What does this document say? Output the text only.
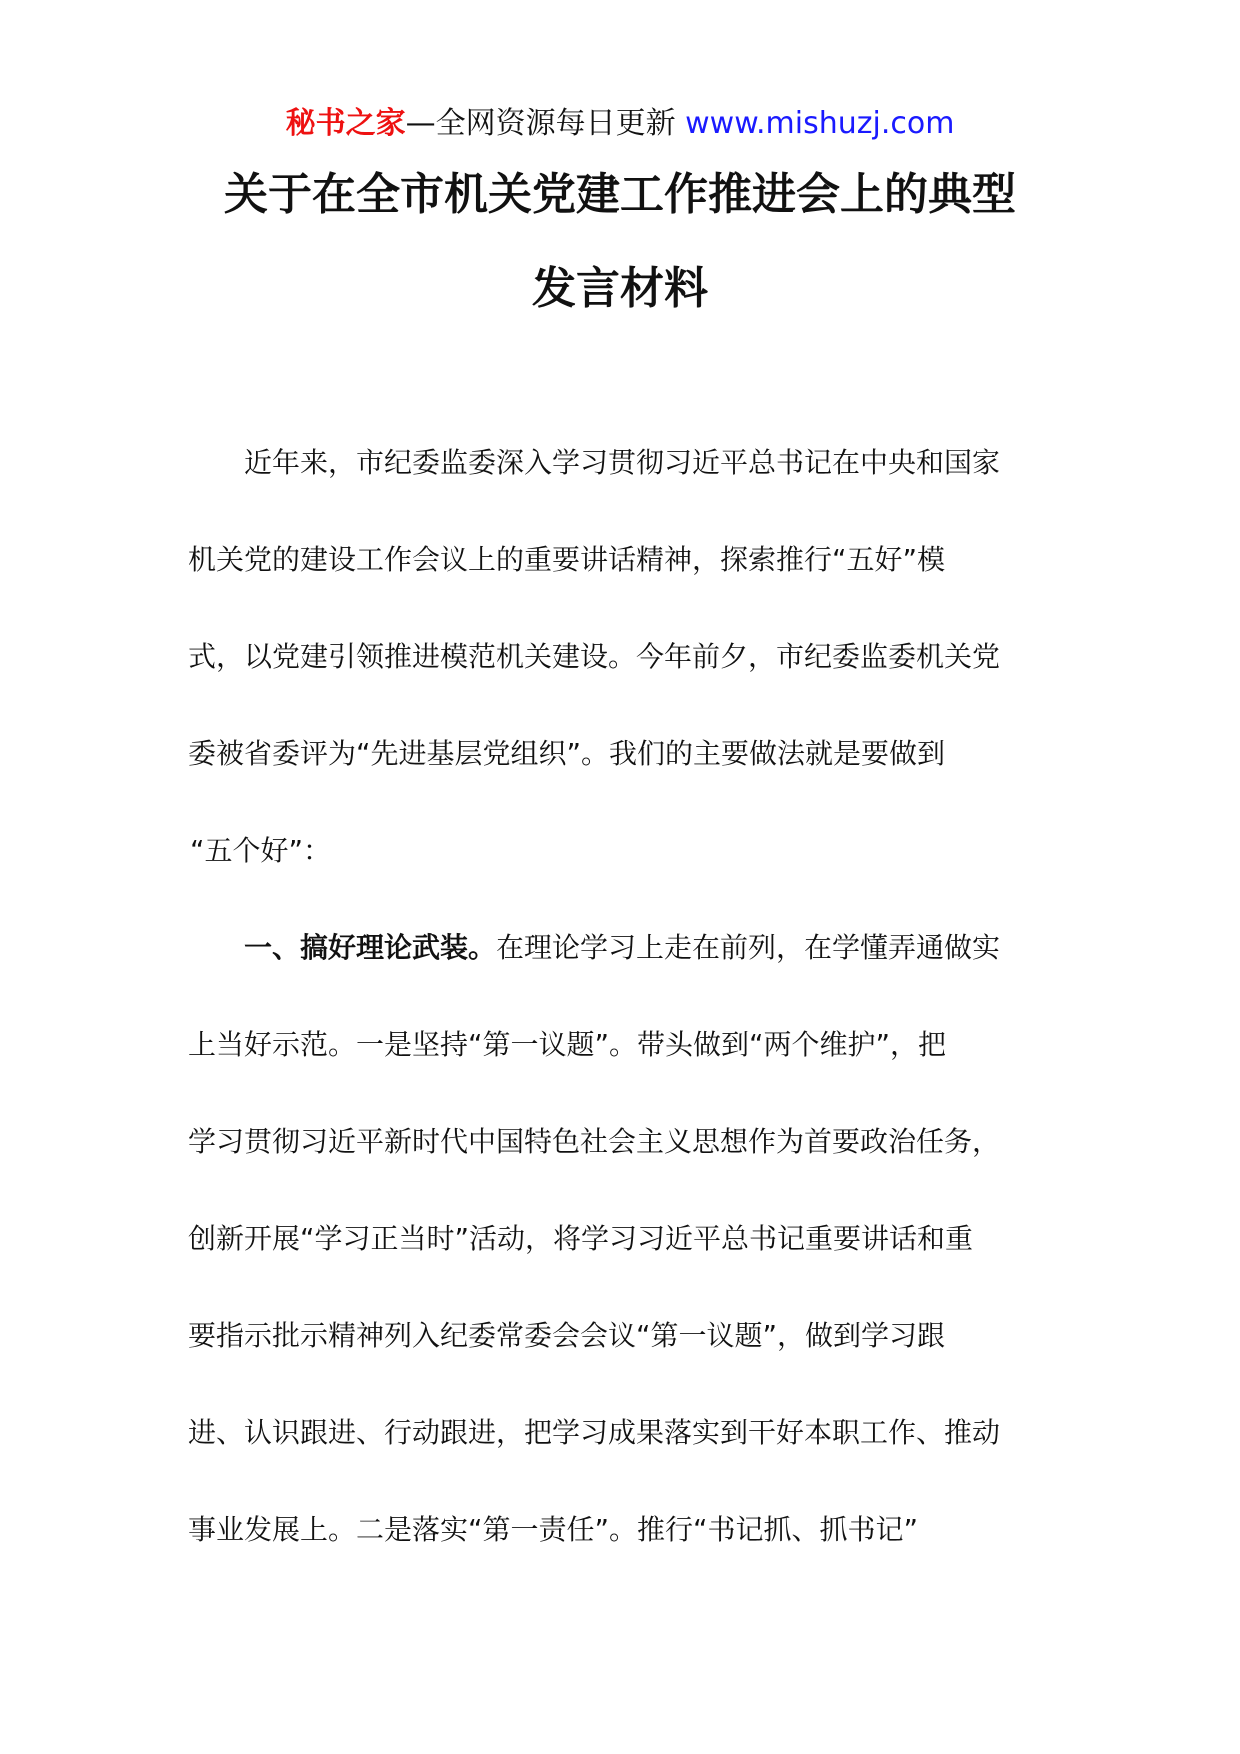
秘书之家—全网资源每日更新 www.mishuzj.com
关于在全市机关党建工作推进会上的典型
发言材料
近年来，市纪委监委深入学习贯彻习近平总书记在中央和国家
机关党的建设工作会议上的重要讲话精神，探索推行“五好”模
式，以党建引领推进模范机关建设。今年前夕，市纪委监委机关党
委被省委评为“先进基层党组织”。我们的主要做法就是要做到
“五个好”：
一、搞好理论武装。在理论学习上走在前列，在学懂弄通做实
上当好示范。一是坚持“第一议题”。带头做到“两个维护”，把
学习贯彻习近平新时代中国特色社会主义思想作为首要政治任务，
创新开展“学习正当时”活动，将学习习近平总书记重要讲话和重
要指示批示精神列入纪委常委会会议“第一议题”，做到学习跟
进、认识跟进、行动跟进，把学习成果落实到干好本职工作、推动
事业发展上。二是落实“第一责任”。推行“书记抓、抓书记”
